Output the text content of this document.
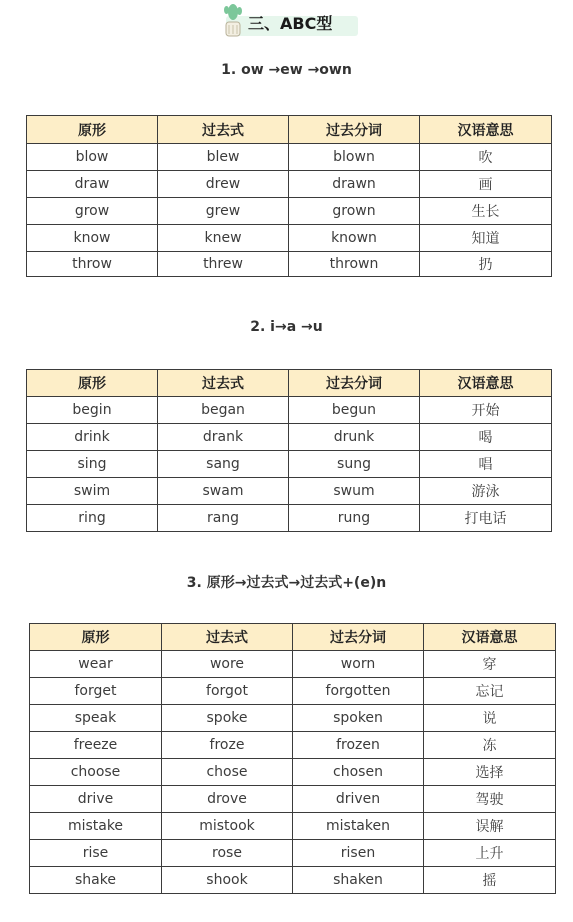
三、ABC型
1. ow →ew →own
原形	过去式	过去分词	汉语意思
blow	blew	blown	吹
draw	drew	drawn	画
grow	grew	grown	生长
know	knew	known	知道
throw	threw	thrown	扔
2. i→a →u
原形	过去式	过去分词	汉语意思
begin	began	begun	开始
drink	drank	drunk	喝
sing	sang	sung	唱
swim	swam	swum	游泳
ring	rang	rung	打电话
3. 原形→过去式→过去式+(e)n
原形	过去式	过去分词	汉语意思
wear	wore	worn	穿
forget	forgot	forgotten	忘记
speak	spoke	spoken	说
freeze	froze	frozen	冻
choose	chose	chosen	选择
drive	drove	driven	驾驶
mistake	mistook	mistaken	误解
rise	rose	risen	上升
shake	shook	shaken	摇
